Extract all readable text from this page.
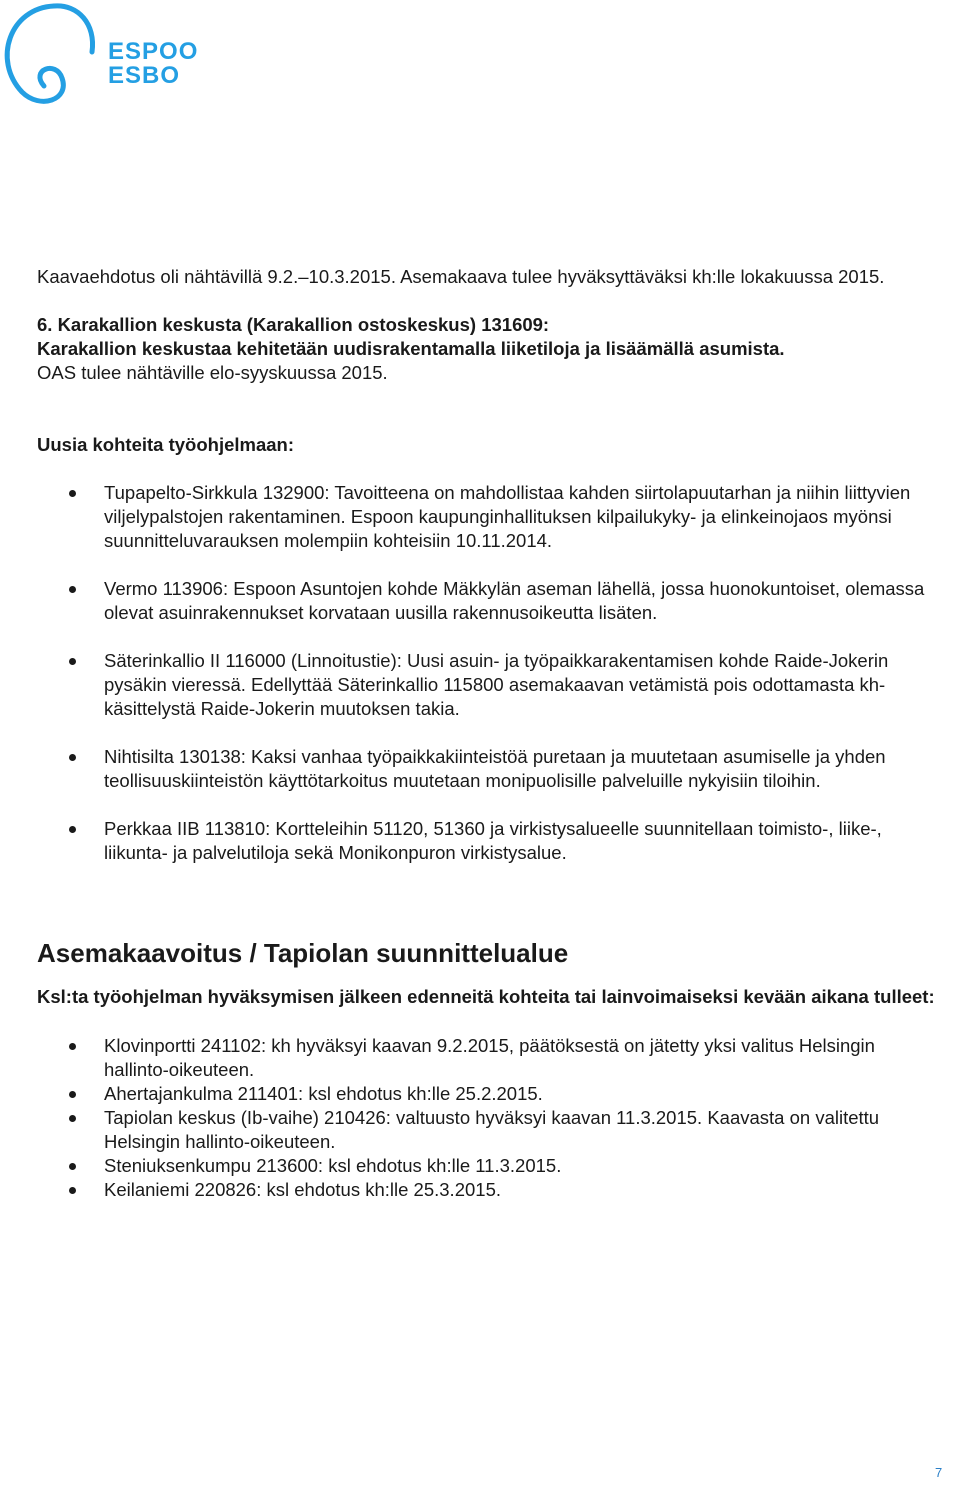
ESPOO
ESBO

Kaavaehdotus oli nähtävillä 9.2.–10.3.2015. Asemakaava tulee hyväksyttäväksi kh:lle lokakuussa 2015.

6. Karakallion keskusta (Karakallion ostoskeskus) 131609:

Karakallion keskustaa kehitetään uudisrakentamalla liiketiloja ja lisäämällä asumista.

OAS tulee nähtäville elo-syyskuussa 2015.

Uusia kohteita työohjelmaan:

Tupapelto-Sirkkula 132900: Tavoitteena on mahdollistaa kahden siirtolapuutarhan ja niihin liittyvien viljelypalstojen rakentaminen. Espoon kaupunginhallituksen kilpailukyky- ja elinkeinojaos myönsi suunnitteluvarauksen molempiin kohteisiin 10.11.2014.
Vermo 113906: Espoon Asuntojen kohde Mäkkylän aseman lähellä, jossa huonokuntoiset, olemassa olevat asuinrakennukset korvataan uusilla rakennusoikeutta lisäten.
Säterinkallio II 116000 (Linnoitustie): Uusi asuin- ja työpaikkarakentamisen kohde Raide-Jokerin pysäkin vieressä. Edellyttää Säterinkallio 115800 asemakaavan vetämistä pois odottamasta kh-käsittelystä Raide-Jokerin muutoksen takia.
Nihtisilta 130138: Kaksi vanhaa työpaikkakiinteistöä puretaan ja muutetaan asumiselle ja yhden teollisuuskiinteistön käyttötarkoitus muutetaan monipuolisille palveluille nykyisiin tiloihin.
Perkkaa IIB 113810: Kortteleihin 51120, 51360 ja virkistysalueelle suunnitellaan toimisto-, liike-, liikunta- ja palvelutiloja sekä Monikonpuron virkistysalue.
Asemakaavoitus / Tapiolan suunnittelualue

Ksl:ta työohjelman hyväksymisen jälkeen edenneitä kohteita tai lainvoimaiseksi kevään aikana tulleet:

Klovinportti 241102: kh hyväksyi kaavan 9.2.2015, päätöksestä on jätetty yksi valitus Helsingin hallinto-oikeuteen.
Ahertajankulma 211401: ksl ehdotus kh:lle 25.2.2015.
Tapiolan keskus (Ib-vaihe) 210426: valtuusto hyväksyi kaavan 11.3.2015. Kaavasta on valitettu Helsingin hallinto-oikeuteen.
Steniuksenkumpu 213600: ksl ehdotus kh:lle 11.3.2015.
Keilaniemi 220826: ksl ehdotus kh:lle 25.3.2015.
7
